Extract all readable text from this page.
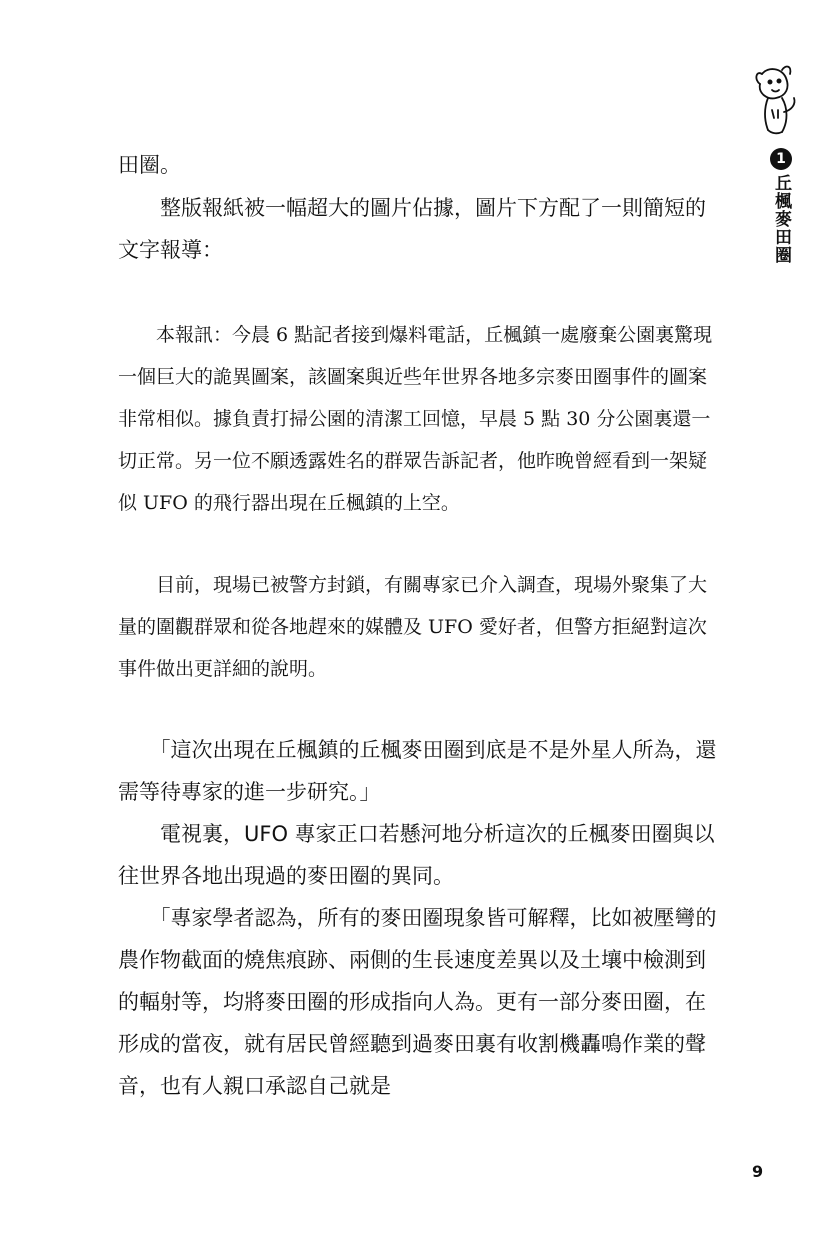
1
丘楓麥田圈

田圈。

整版報紙被一幅超大的圖片佔據，圖片下方配了一則簡短的文字報導：

本報訊：今晨 6 點記者接到爆料電話，丘楓鎮一處廢棄公園裏驚現一個巨大的詭異圖案，該圖案與近些年世界各地多宗麥田圈事件的圖案非常相似。據負責打掃公園的清潔工回憶，早晨 5 點 30 分公園裏還一切正常。另一位不願透露姓名的群眾告訴記者，他昨晚曾經看到一架疑似 UFO 的飛行器出現在丘楓鎮的上空。

目前，現場已被警方封鎖，有關專家已介入調查，現場外聚集了大量的圍觀群眾和從各地趕來的媒體及 UFO 愛好者，但警方拒絕對這次事件做出更詳細的說明。

「這次出現在丘楓鎮的丘楓麥田圈到底是不是外星人所為，還需等待專家的進一步研究。」

電視裏，UFO 專家正口若懸河地分析這次的丘楓麥田圈與以往世界各地出現過的麥田圈的異同。

「專家學者認為，所有的麥田圈現象皆可解釋，比如被壓彎的農作物截面的燒焦痕跡、兩側的生長速度差異以及土壤中檢測到的輻射等，均將麥田圈的形成指向人為。更有一部分麥田圈，在形成的當夜，就有居民曾經聽到過麥田裏有收割機轟鳴作業的聲音，也有人親口承認自己就是

9
